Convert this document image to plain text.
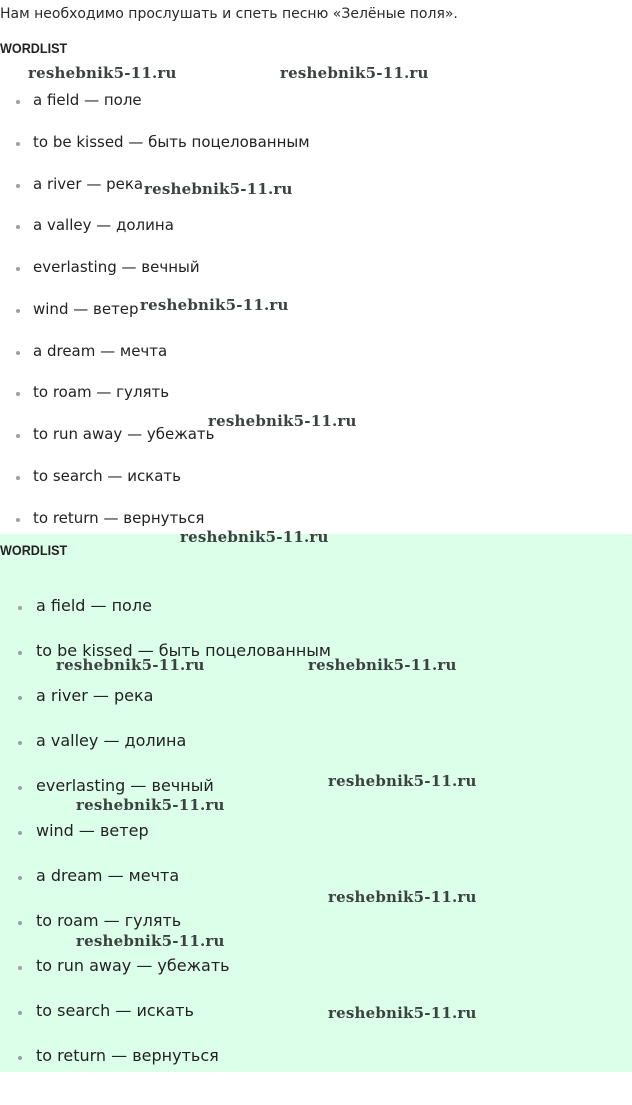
Нам необходимо прослушать и спеть песню «Зелёные поля».
WORDLIST
a field — поле
to be kissed — быть поцелованным
a river — река
a valley — долина
everlasting — вечный
wind — ветер
a dream — мечта
to roam — гулять
to run away — убежать
to search — искать
to return — вернуться
WORDLIST
a field — поле
to be kissed — быть поцелованным
a river — река
a valley — долина
everlasting — вечный
wind — ветер
a dream — мечта
to roam — гулять
to run away — убежать
to search — искать
to return — вернуться
reshebnik5-11.ru	reshebnik5-11.ru
reshebnik5-11.ru
reshebnik5-11.ru
reshebnik5-11.ru
reshebnik5-11.ru
reshebnik5-11.ru	reshebnik5-11.ru
reshebnik5-11.ru
reshebnik5-11.ru
reshebnik5-11.ru
reshebnik5-11.ru
reshebnik5-11.ru
